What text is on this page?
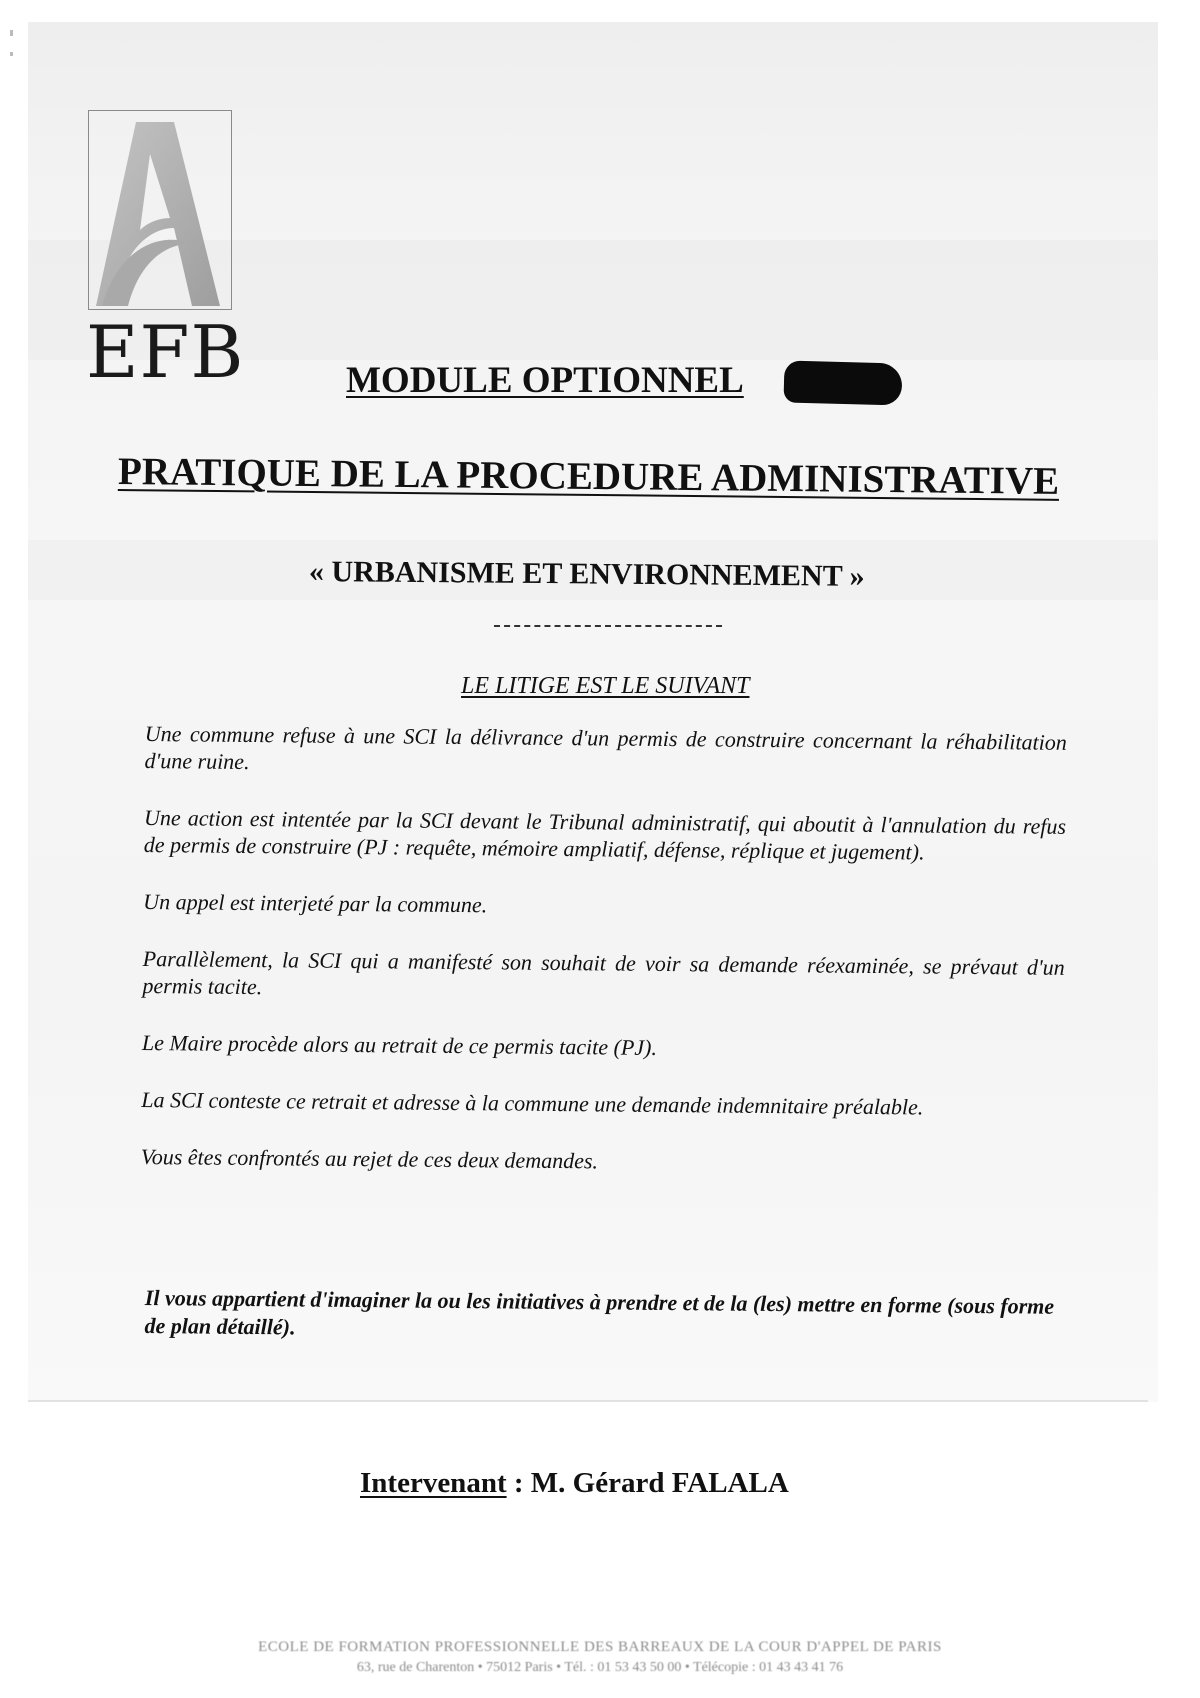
EFB	MODULE OPTIONNEL
PRATIQUE DE LA PROCEDURE ADMINISTRATIVE
« URBANISME ET ENVIRONNEMENT »
LE LITIGE EST LE SUIVANT

Une commune refuse à une SCI la délivrance d'un permis de construire concernant la réhabilitation d'une ruine.

Une action est intentée par la SCI devant le Tribunal administratif, qui aboutit à l'annulation du refus de permis de construire (PJ : requête, mémoire ampliatif, défense, réplique et jugement).

Un appel est interjeté par la commune.

Parallèlement, la SCI qui a manifesté son souhait de voir sa demande réexaminée, se prévaut d'un permis tacite.

Le Maire procède alors au retrait de ce permis tacite (PJ).

La SCI conteste ce retrait et adresse à la commune une demande indemnitaire préalable.

Vous êtes confrontés au rejet de ces deux demandes.

Il vous appartient d'imaginer la ou les initiatives à prendre et de la (les) mettre en forme (sous forme de plan détaillé).
Intervenant : M. Gérard FALALA
ECOLE DE FORMATION PROFESSIONNELLE DES BARREAUX DE LA COUR D'APPEL DE PARIS
63, rue de Charenton • 75012 Paris • Tél. : 01 53 43 50 00 • Télécopie : 01 43 43 41 76
